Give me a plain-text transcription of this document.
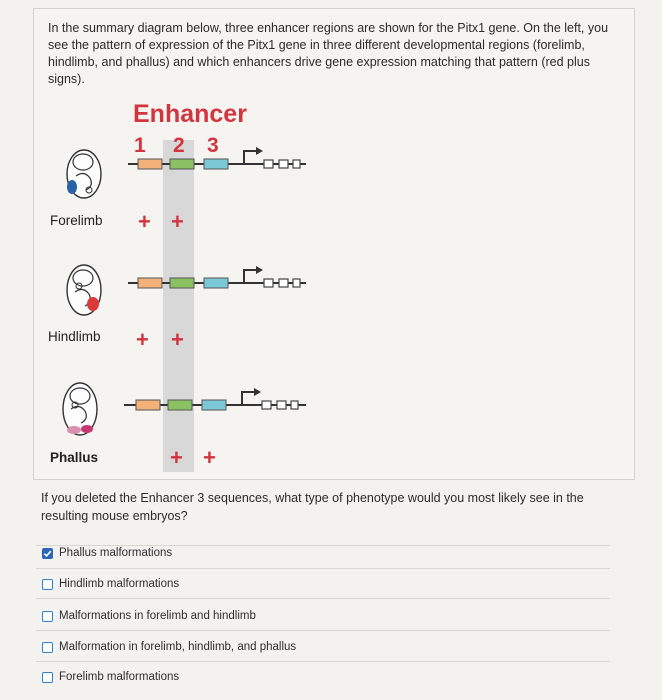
In the summary diagram below, three enhancer regions are shown for the Pitx1 gene. On the left, you see the pattern of expression of the Pitx1 gene in three different developmental regions (forelimb, hindlimb, and phallus) and which enhancers drive gene expression matching that pattern (red plus signs).
Enhancer
1 2 3
Forelimb + +
Hindlimb + +
Phallus	+ +
If you deleted the Enhancer 3 sequences, what type of phenotype would you most likely see in the resulting mouse embryos?
Phallus malformations
Hindlimb malformations
Malformations in forelimb and hindlimb
Malformation in forelimb, hindlimb, and phallus
Forelimb malformations
